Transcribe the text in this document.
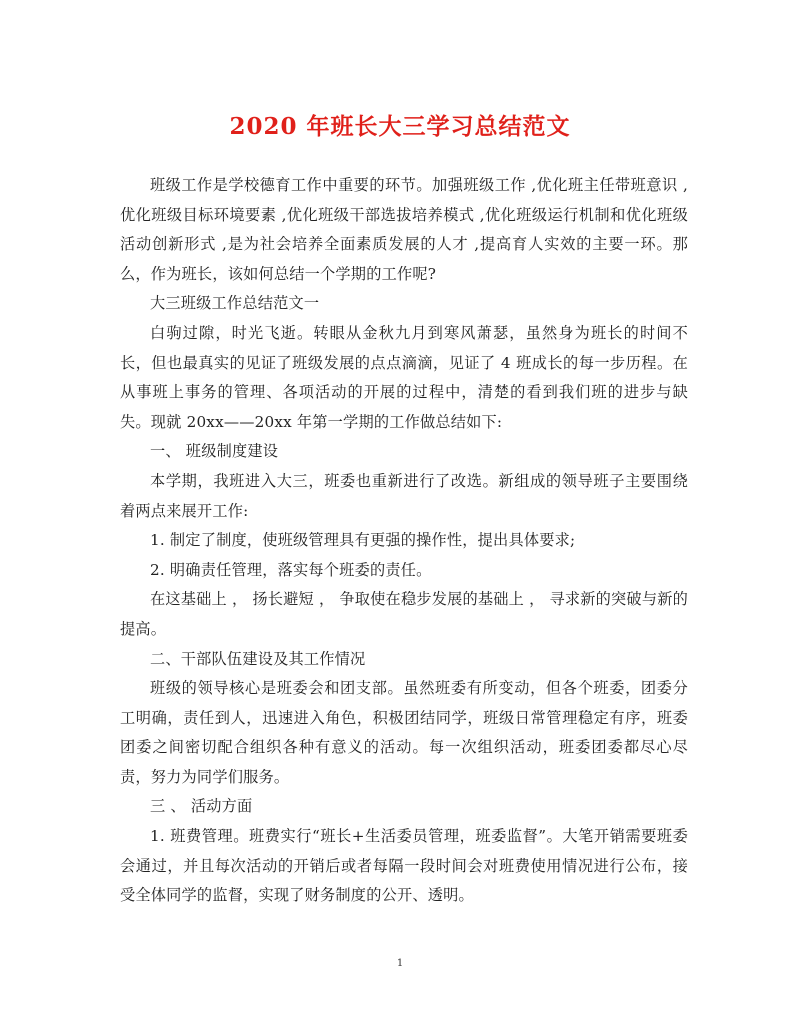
2020 年班长大三学习总结范文

班级工作是学校德育工作中重要的环节。加强班级工作 ,优化班主任带班意识 ,优化班级目标环境要素 ,优化班级干部选拔培养模式 ,优化班级运行机制和优化班级活动创新形式 ,是为社会培养全面素质发展的人才 ,提高育人实效的主要一环。那么，作为班长，该如何总结一个学期的工作呢?

大三班级工作总结范文一

白驹过隙，时光飞逝。转眼从金秋九月到寒风萧瑟，虽然身为班长的时间不长，但也最真实的见证了班级发展的点点滴滴，见证了 4 班成长的每一步历程。在从事班上事务的管理、各项活动的开展的过程中，清楚的看到我们班的进步与缺失。现就 20xx——20xx 年第一学期的工作做总结如下:

一、 班级制度建设

本学期，我班进入大三，班委也重新进行了改选。新组成的领导班子主要围绕着两点来展开工作:

1. 制定了制度，使班级管理具有更强的操作性，提出具体要求;

2. 明确责任管理，落实每个班委的责任。

在这基础上 ， 扬长避短 ， 争取使在稳步发展的基础上 ， 寻求新的突破与新的提高。

二、干部队伍建设及其工作情况

班级的领导核心是班委会和团支部。虽然班委有所变动，但各个班委，团委分工明确，责任到人，迅速进入角色，积极团结同学，班级日常管理稳定有序，班委团委之间密切配合组织各种有意义的活动。每一次组织活动，班委团委都尽心尽责，努力为同学们服务。

三 、 活动方面

1. 班费管理。班费实行“班长+生活委员管理，班委监督”。大笔开销需要班委会通过，并且每次活动的开销后或者每隔一段时间会对班费使用情况进行公布，接受全体同学的监督，实现了财务制度的公开、透明。

1
